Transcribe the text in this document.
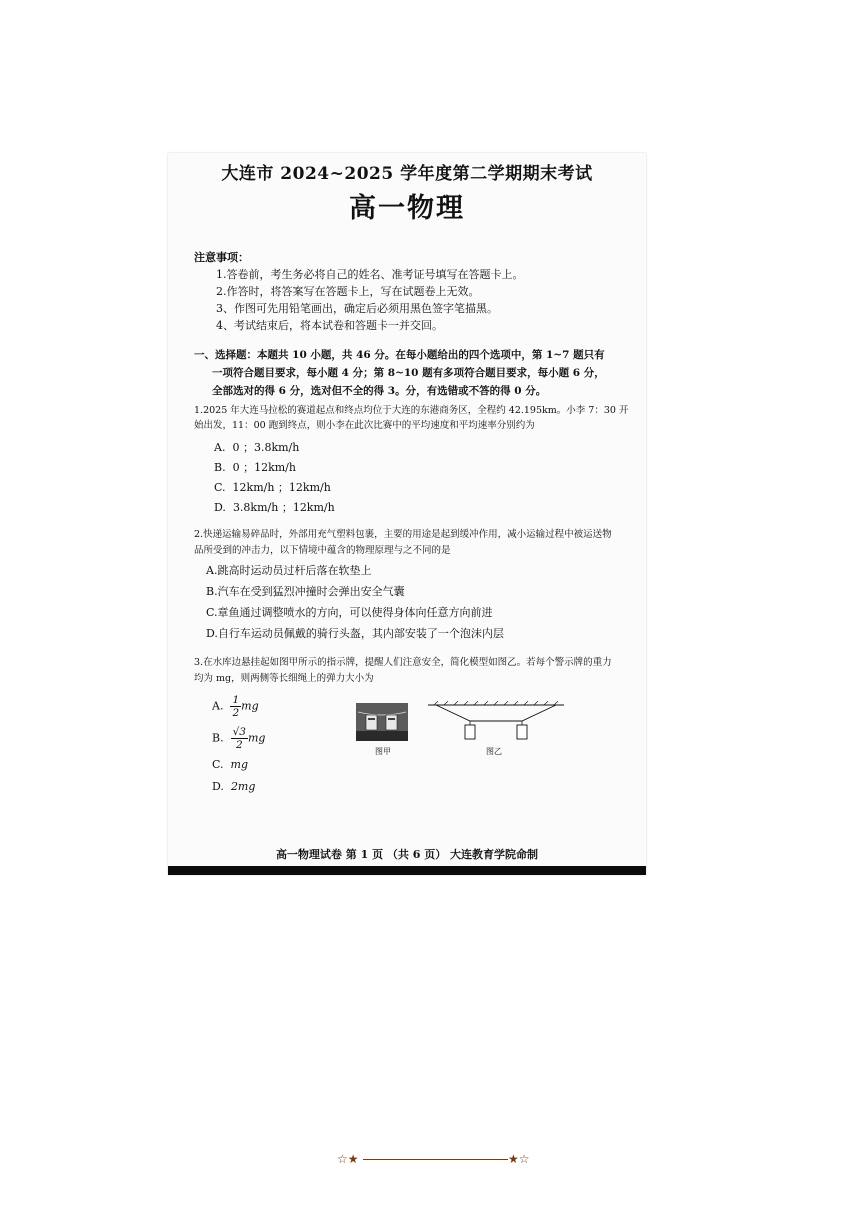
大连市 2024~2025 学年度第二学期期末考试
高一物理
注意事项：
1.答卷前，考生务必将自己的姓名、准考证号填写在答题卡上。
2.作答时，将答案写在答题卡上，写在试题卷上无效。
3、作图可先用铅笔画出，确定后必须用黑色签字笔描黑。
4、考试结束后，将本试卷和答题卡一并交回。
一、选择题：本题共 10 小题，共 46 分。在每小题给出的四个选项中，第 1~7 题只有
一项符合题目要求，每小题 4 分；第 8~10 题有多项符合题目要求，每小题 6 分，
全部选对的得 6 分，选对但不全的得 3。分，有选错或不答的得 0 分。
1.2025 年大连马拉松的赛道起点和终点均位于大连的东港商务区，全程约 42.195km。小李 7：30 开
始出发，11：00 跑到终点，则小李在此次比赛中的平均速度和平均速率分别约为
A. 0 ；3.8km/h
B. 0 ；12km/h
C. 12km/h ；12km/h
D. 3.8km/h ；12km/h
2.快递运输易碎品时，外部用充气塑料包裹，主要的用途是起到缓冲作用，减小运输过程中被运送物
品所受到的冲击力，以下情境中蕴含的物理原理与之不同的是
A.跳高时运动员过杆后落在软垫上
B.汽车在受到猛烈冲撞时会弹出安全气囊
C.章鱼通过调整喷水的方向，可以使得身体向任意方向前进
D.自行车运动员佩戴的骑行头盔，其内部安装了一个泡沫内层
3.在水库边悬挂起如图甲所示的指示牌，提醒人们注意安全，简化模型如图乙。若每个警示牌的重力
均为 mg，则两侧等长细绳上的弹力大小为
A. $\frac{1}{2}$ mg
B. $\frac{√3}{2}$ mg
C. mg
D. 2mg
图甲	图乙
高一物理试卷 第 1 页 （共 6 页） 大连教育学院命制
☆★	★☆
